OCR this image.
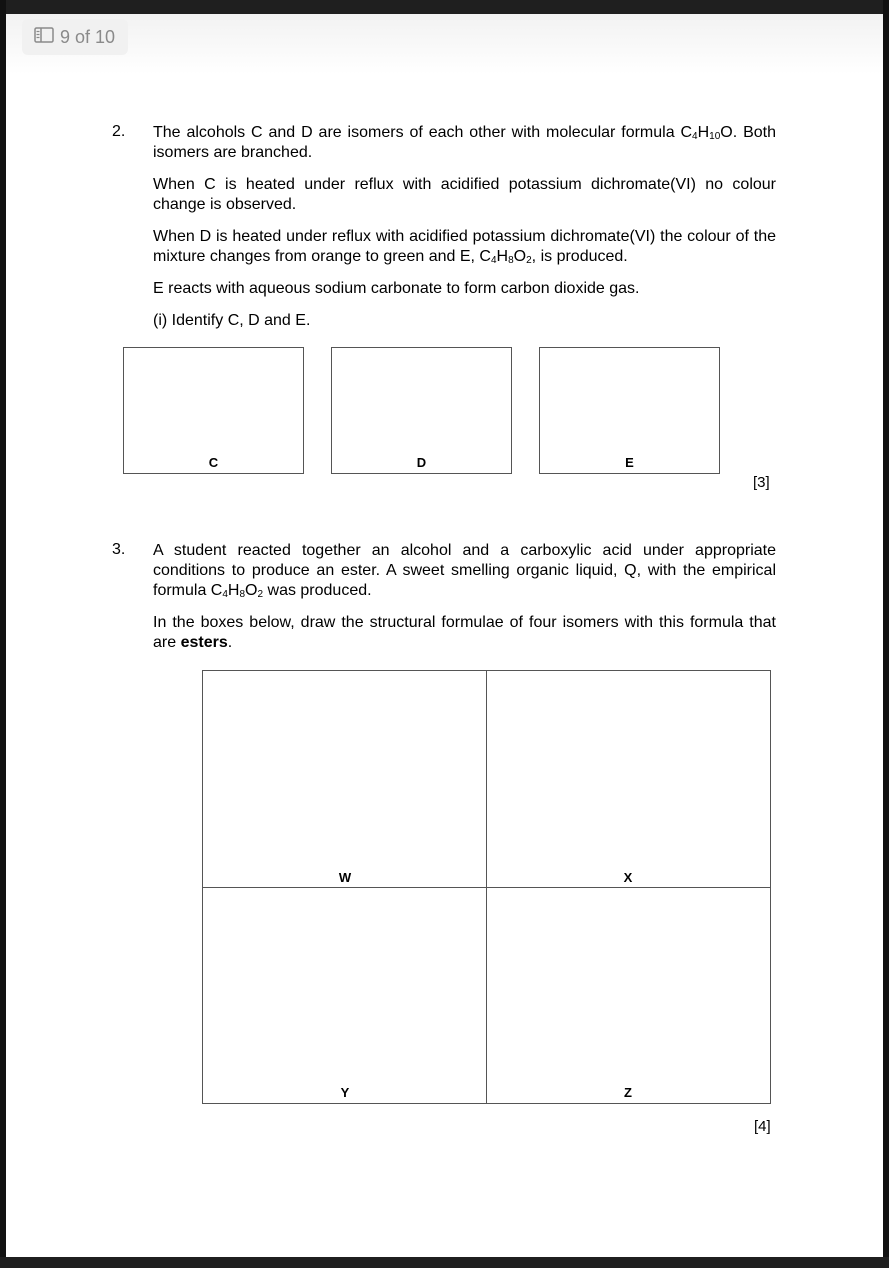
9 of 10
2. The alcohols C and D are isomers of each other with molecular formula $C_4H_{10}O$. Both isomers are branched.
When C is heated under reflux with acidified potassium dichromate(VI) no colour change is observed.
When D is heated under reflux with acidified potassium dichromate(VI) the colour of the mixture changes from orange to green and E, $C_4H_8O_2$, is produced.
E reacts with aqueous sodium carbonate to form carbon dioxide gas.
(i) Identify C, D and E.
C	D	E
[3]
3. A student reacted together an alcohol and a carboxylic acid under appropriate conditions to produce an ester. A sweet smelling organic liquid, Q, with the empirical formula $C_4H_8O_2$ was produced.
In the boxes below, draw the structural formulae of four isomers with this formula that are esters.
W	X
Y	Z
[4]
